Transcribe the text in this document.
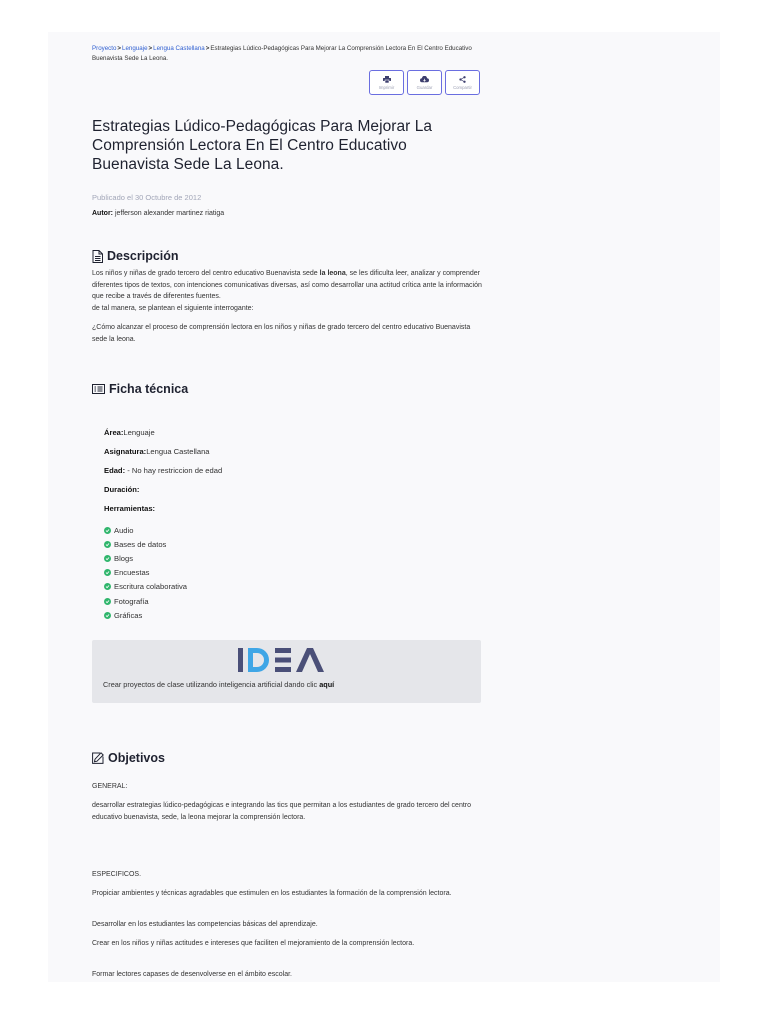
Proyecto>Lenguaje>Lengua Castellana>Estrategias Lúdico-Pedagógicas Para Mejorar La Comprensión Lectora En El Centro Educativo Buenavista Sede La Leona.
Imprimir	Guardar	Compartir
Estrategias Lúdico-Pedagógicas Para Mejorar La Comprensión Lectora En El Centro Educativo Buenavista Sede La Leona.
Publicado el 30 Octubre de 2012
Autor: jefferson alexander martinez riatiga
Descripción

Los niños y niñas de grado tercero del centro educativo Buenavista sede la leona, se les dificulta leer, analizar y comprender diferentes tipos de textos, con intenciones comunicativas diversas, así como desarrollar una actitud crítica ante la información que recibe a través de diferentes fuentes.

de tal manera, se plantean el siguiente interrogante:

¿Cómo alcanzar el proceso de comprensión lectora en los niños y niñas de grado tercero del centro educativo Buenavista sede la leona.

Ficha técnica
Área:Lenguaje
Asignatura:Lengua Castellana
Edad: - No hay restriccion de edad
Duración:
Herramientas:
Audio
Bases de datos
Blogs
Encuestas
Escritura colaborativa
Fotografía
Gráficas
Crear proyectos de clase utilizando inteligencia artificial dando clic aquí
Objetivos
GENERAL:
desarrollar estrategias lúdico-pedagógicas e integrando las tics que permitan a los estudiantes de grado tercero del centro educativo buenavista, sede, la leona mejorar la comprensión lectora.
ESPECIFICOS.
Propiciar ambientes y técnicas agradables que estimulen en los estudiantes la formación de la comprensión lectora.
Desarrollar en los estudiantes las competencias básicas del aprendizaje.
Crear en los niños y niñas actitudes e intereses que faciliten el mejoramiento de la comprensión lectora.
Formar lectores capases de desenvolverse en el ámbito escolar.
